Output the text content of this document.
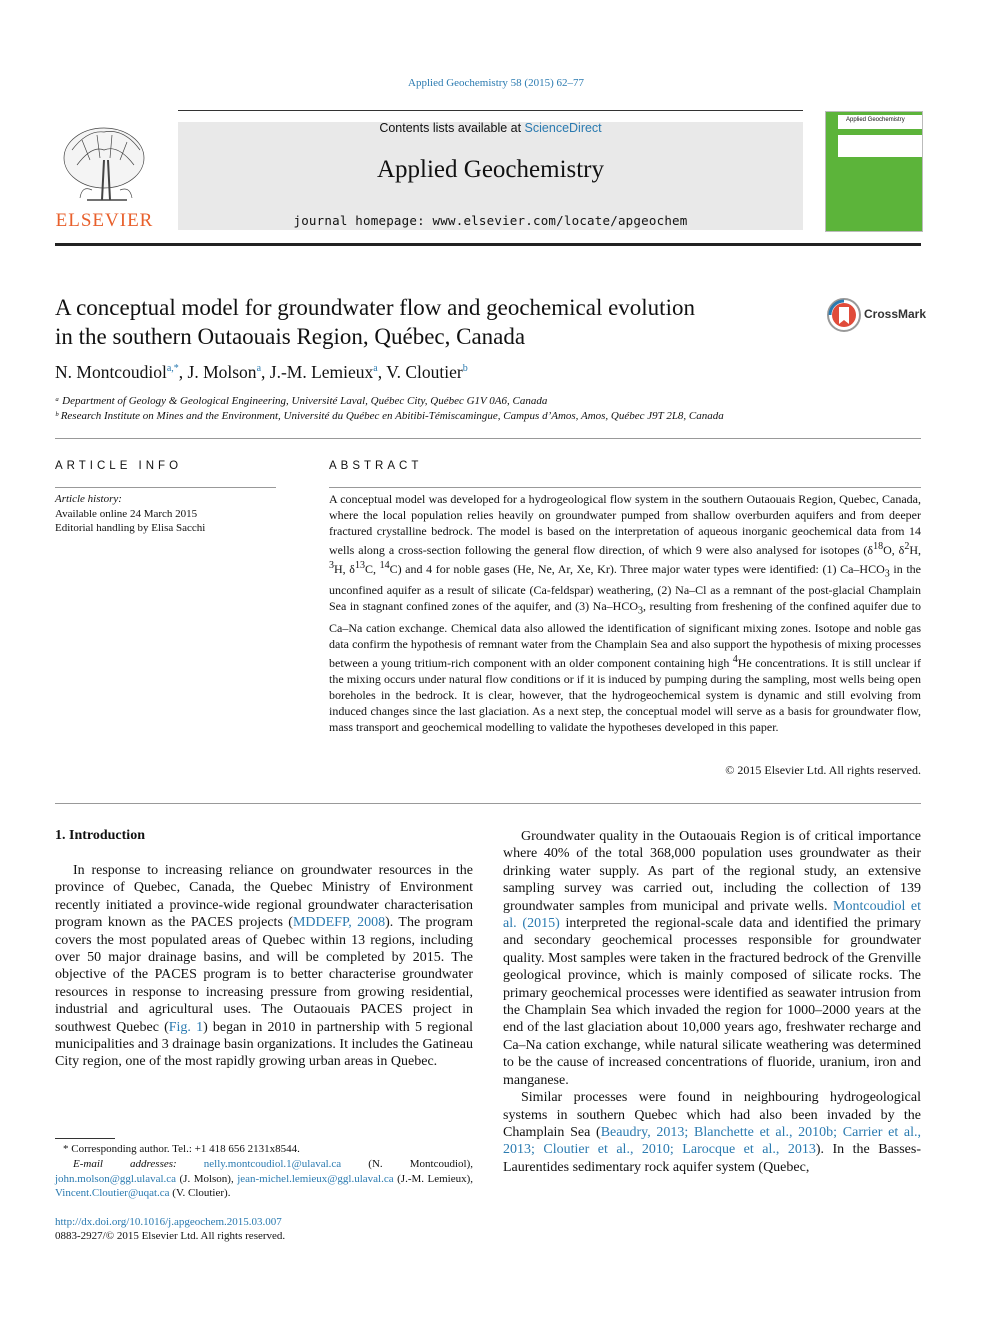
Applied Geochemistry 58 (2015) 62–77
ELSEVIER
Contents lists available at ScienceDirect
Applied Geochemistry
journal homepage: www.elsevier.com/locate/apgeochem
Applied Geochemistry
A conceptual model for groundwater flow and geochemical evolution
in the southern Outaouais Region, Québec, Canada
CrossMark
N. Montcoudiol$^{a,*}$, J. Molson$^a$, J.-M. Lemieux$^a$, V. Cloutier$^b$
ᵃ Department of Geology & Geological Engineering, Université Laval, Québec City, Québec G1V 0A6, Canada
ᵇ Research Institute on Mines and the Environment, Université du Québec en Abitibi-Témiscamingue, Campus d’Amos, Amos, Québec J9T 2L8, Canada
ARTICLE INFO
Article history:
Available online 24 March 2015
Editorial handling by Elisa Sacchi
ABSTRACT
A conceptual model was developed for a hydrogeological flow system in the southern Outaouais Region, Quebec, Canada, where the local population relies heavily on groundwater pumped from shallow overburden aquifers and from deeper fractured crystalline bedrock. The model is based on the interpretation of aqueous inorganic geochemical data from 14 wells along a cross-section following the general flow direction, of which 9 were also analysed for isotopes ($\delta^{18}O$, $\delta^2H$, $^3$H, $\delta^{13}C$, $^{14}$C) and 4 for noble gases (He, Ne, Ar, Xe, Kr). Three major water types were identified: (1) $Ca-HCO_3$ in the unconfined aquifer as a result of silicate (Ca-feldspar) weathering, (2) Na–Cl as a remnant of the post-glacial Champlain Sea in stagnant confined zones of the aquifer, and (3) $Na-HCO_3$, resulting from freshening of the confined aquifer due to Ca–Na cation exchange. Chemical data also allowed the identification of significant mixing zones. Isotope and noble gas data confirm the hypothesis of remnant water from the Champlain Sea and also support the hypothesis of mixing processes between a young tritium-rich component with an older component containing high $^4$He concentrations. It is still unclear if the mixing occurs under natural flow conditions or if it is induced by pumping during the sampling, most wells being open boreholes in the bedrock. It is clear, however, that the hydrogeochemical system is dynamic and still evolving from induced changes since the last glaciation. As a next step, the conceptual model will serve as a basis for groundwater flow, mass transport and geochemical modelling to validate the hypotheses developed in this paper.
© 2015 Elsevier Ltd. All rights reserved.
1. Introduction

In response to increasing reliance on groundwater resources in the province of Quebec, Canada, the Quebec Ministry of Environment recently initiated a province-wide regional groundwater characterisation program known as the PACES projects (MDDEFP, 2008). The program covers the most populated areas of Quebec within 13 regions, including over 50 major drainage basins, and will be completed by 2015. The objective of the PACES program is to better characterise groundwater resources in response to increasing pressure from growing residential, industrial and agricultural uses. The Outaouais PACES project in southwest Quebec (Fig. 1) began in 2010 in partnership with 5 regional municipalities and 3 drainage basin organizations. It includes the Gatineau City region, one of the most rapidly growing urban areas in Quebec.

Groundwater quality in the Outaouais Region is of critical importance where 40% of the total 368,000 population uses groundwater as their drinking water supply. As part of the regional study, an extensive sampling survey was carried out, including the collection of 139 groundwater samples from municipal and private wells. Montcoudiol et al. (2015) interpreted the regional-scale data and identified the primary and secondary geochemical processes responsible for groundwater quality. Most samples were taken in the fractured bedrock of the Grenville geological province, which is mainly composed of silicate rocks. The primary geochemical processes were identified as seawater intrusion from the Champlain Sea which invaded the region for 1000–2000 years at the end of the last glaciation about 10,000 years ago, freshwater recharge and Ca–Na cation exchange, while natural silicate weathering was determined to be the cause of increased concentrations of fluoride, uranium, iron and manganese.

Similar processes were found in neighbouring hydrogeological systems in southern Quebec which had also been invaded by the Champlain Sea (Beaudry, 2013; Blanchette et al., 2010b; Carrier et al., 2013; Cloutier et al., 2010; Larocque et al., 2013). In the Basses-Laurentides sedimentary rock aquifer system (Quebec,

* Corresponding author. Tel.: +1 418 656 2131x8544.
E-mail addresses: nelly.montcoudiol.1@ulaval.ca (N. Montcoudiol), john.molson@ggl.ulaval.ca (J. Molson), jean-michel.lemieux@ggl.ulaval.ca (J.-M. Lemieux), Vincent.Cloutier@uqat.ca (V. Cloutier).
http://dx.doi.org/10.1016/j.apgeochem.2015.03.007
0883-2927/© 2015 Elsevier Ltd. All rights reserved.
